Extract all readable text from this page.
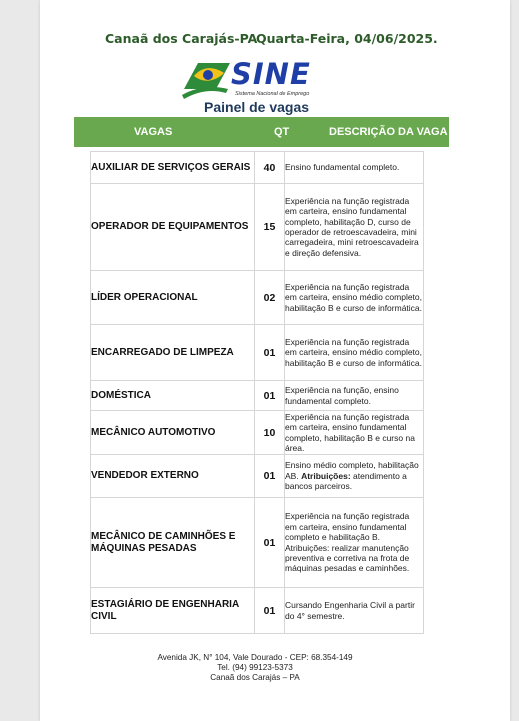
Canaã dos Carajás-PA
Quarta-Feira, 04/06/2025.
SINE
Sistema Nacional de Emprego
Painel de vagas
VAGAS	QT	DESCRIÇÃO DA VAGA
AUXILIAR DE SERVIÇOS GERAIS	40	Ensino fundamental completo.
OPERADOR DE EQUIPAMENTOS	15	Experiência na função registrada em carteira, ensino fundamental completo, habilitação D, curso de operador de retroescavadeira, mini carregadeira, mini retroescavadeira e direção defensiva.
LÍDER OPERACIONAL	02	Experiência na função registrada em carteira, ensino médio completo, habilitação B e curso de informática.
ENCARREGADO DE LIMPEZA	01	Experiência na função registrada em carteira, ensino médio completo, habilitação B e curso de informática.
DOMÉSTICA	01	Experiência na função, ensino fundamental completo.
MECÂNICO AUTOMOTIVO	10	Experiência na função registrada em carteira, ensino fundamental completo, habilitação B e curso na área.
VENDEDOR EXTERNO	01	Ensino médio completo, habilitação AB. Atribuições: atendimento a bancos parceiros.
MECÂNICO DE CAMINHÕES E MÁQUINAS PESADAS	01	Experiência na função registrada em carteira, ensino fundamental completo e habilitação B. Atribuições: realizar manutenção preventiva e corretiva na frota de máquinas pesadas e caminhões.
ESTAGIÁRIO DE ENGENHARIA CIVIL	01	Cursando Engenharia Civil a partir do 4° semestre.
Avenida JK, N° 104, Vale Dourado - CEP: 68.354-149
Tel. (94) 99123-5373
Canaã dos Carajás – PA
